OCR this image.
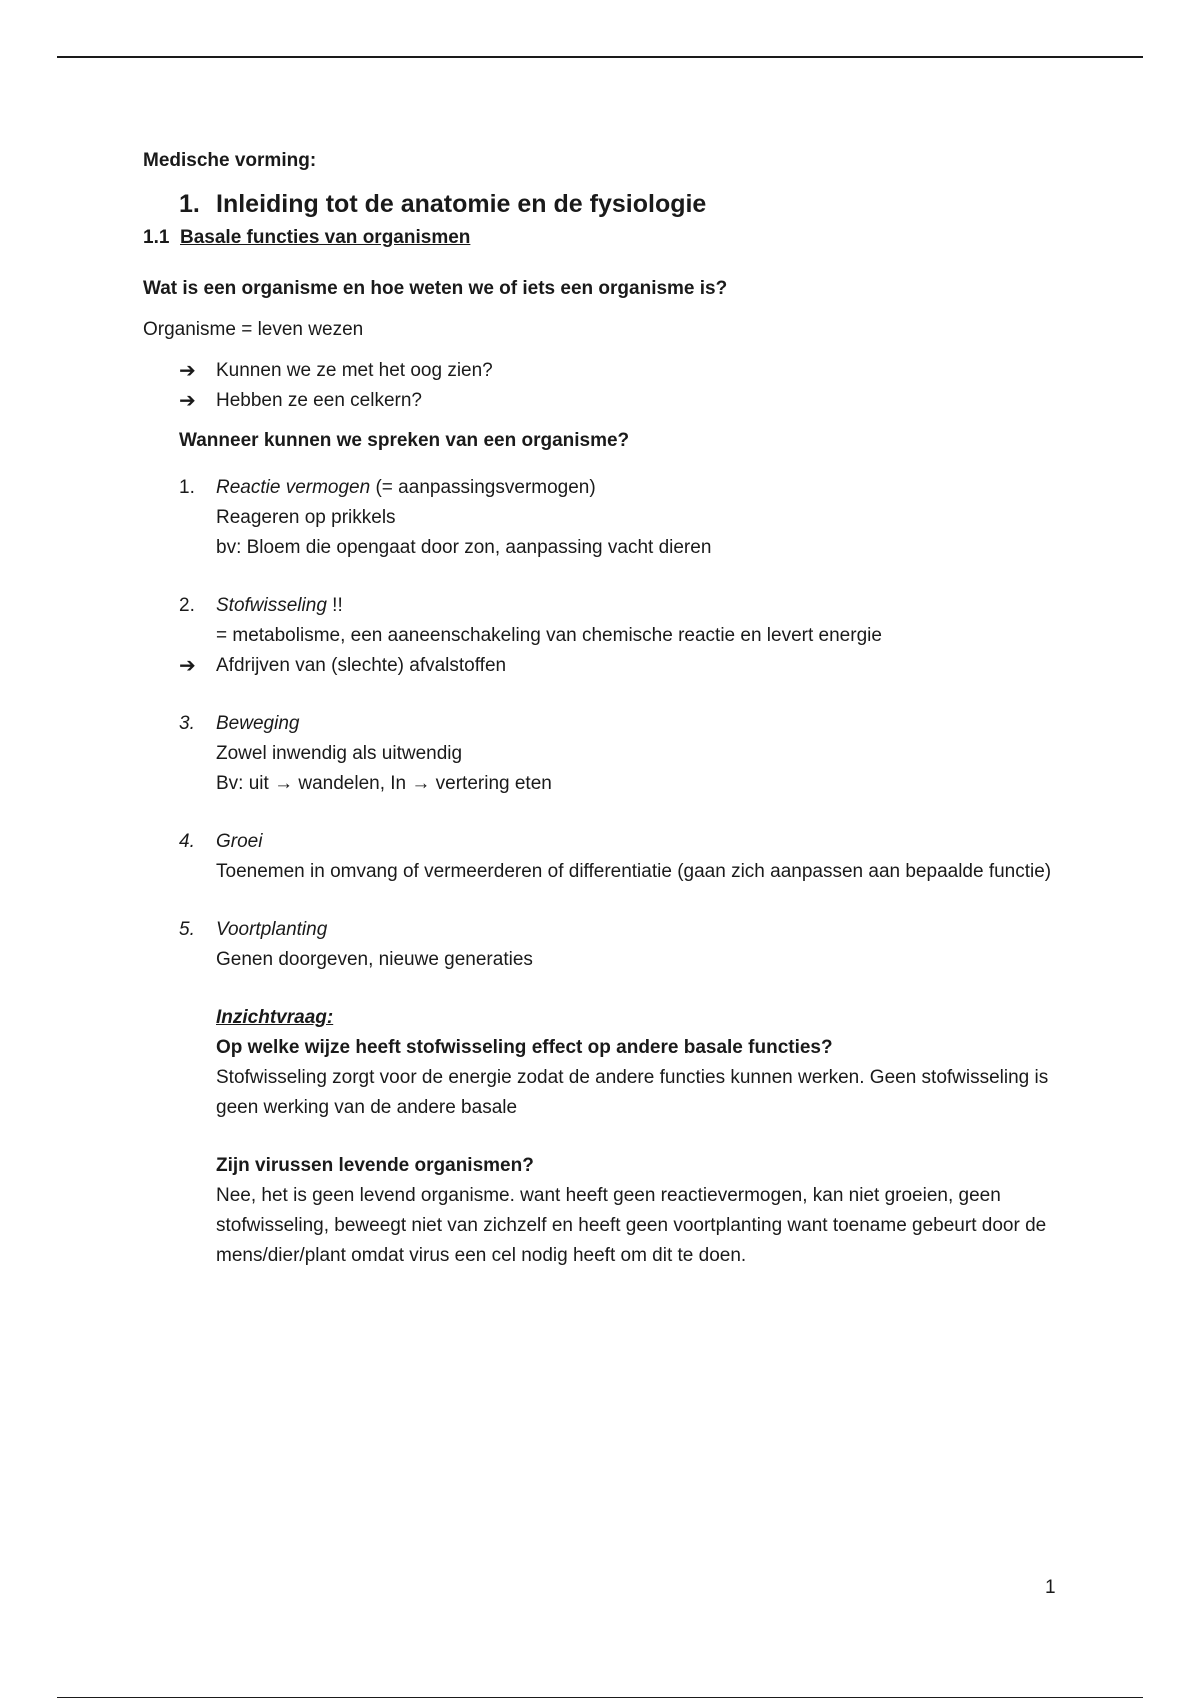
Medische vorming:
1. Inleiding tot de anatomie en de fysiologie
1.1 Basale functies van organismen
Wat is een organisme en hoe weten we of iets een organisme is?
Organisme = leven wezen
➔	Kunnen we ze met het oog zien?
➔	Hebben ze een celkern?
Wanneer kunnen we spreken van een organisme?
1.	Reactie vermogen (= aanpassingsvermogen)
Reageren op prikkels
bv: Bloem die opengaat door zon, aanpassing vacht dieren
2.	Stofwisseling !!
= metabolisme, een aaneenschakeling van chemische reactie en levert energie
➔	Afdrijven van (slechte) afvalstoffen
3.	Beweging
Zowel inwendig als uitwendig
Bv: uit → wandelen, In → vertering eten
4.	Groei
Toenemen in omvang of vermeerderen of differentiatie (gaan zich aanpassen aan bepaalde functie)
5.	Voortplanting
Genen doorgeven, nieuwe generaties
Inzichtvraag:
Op welke wijze heeft stofwisseling effect op andere basale functies?
Stofwisseling zorgt voor de energie zodat de andere functies kunnen werken. Geen stofwisseling is geen werking van de andere basale
Zijn virussen levende organismen?
Nee, het is geen levend organisme. want heeft geen reactievermogen, kan niet groeien, geen stofwisseling, beweegt niet van zichzelf en heeft geen voortplanting want toename gebeurt door de mens/dier/plant omdat virus een cel nodig heeft om dit te doen.
1
